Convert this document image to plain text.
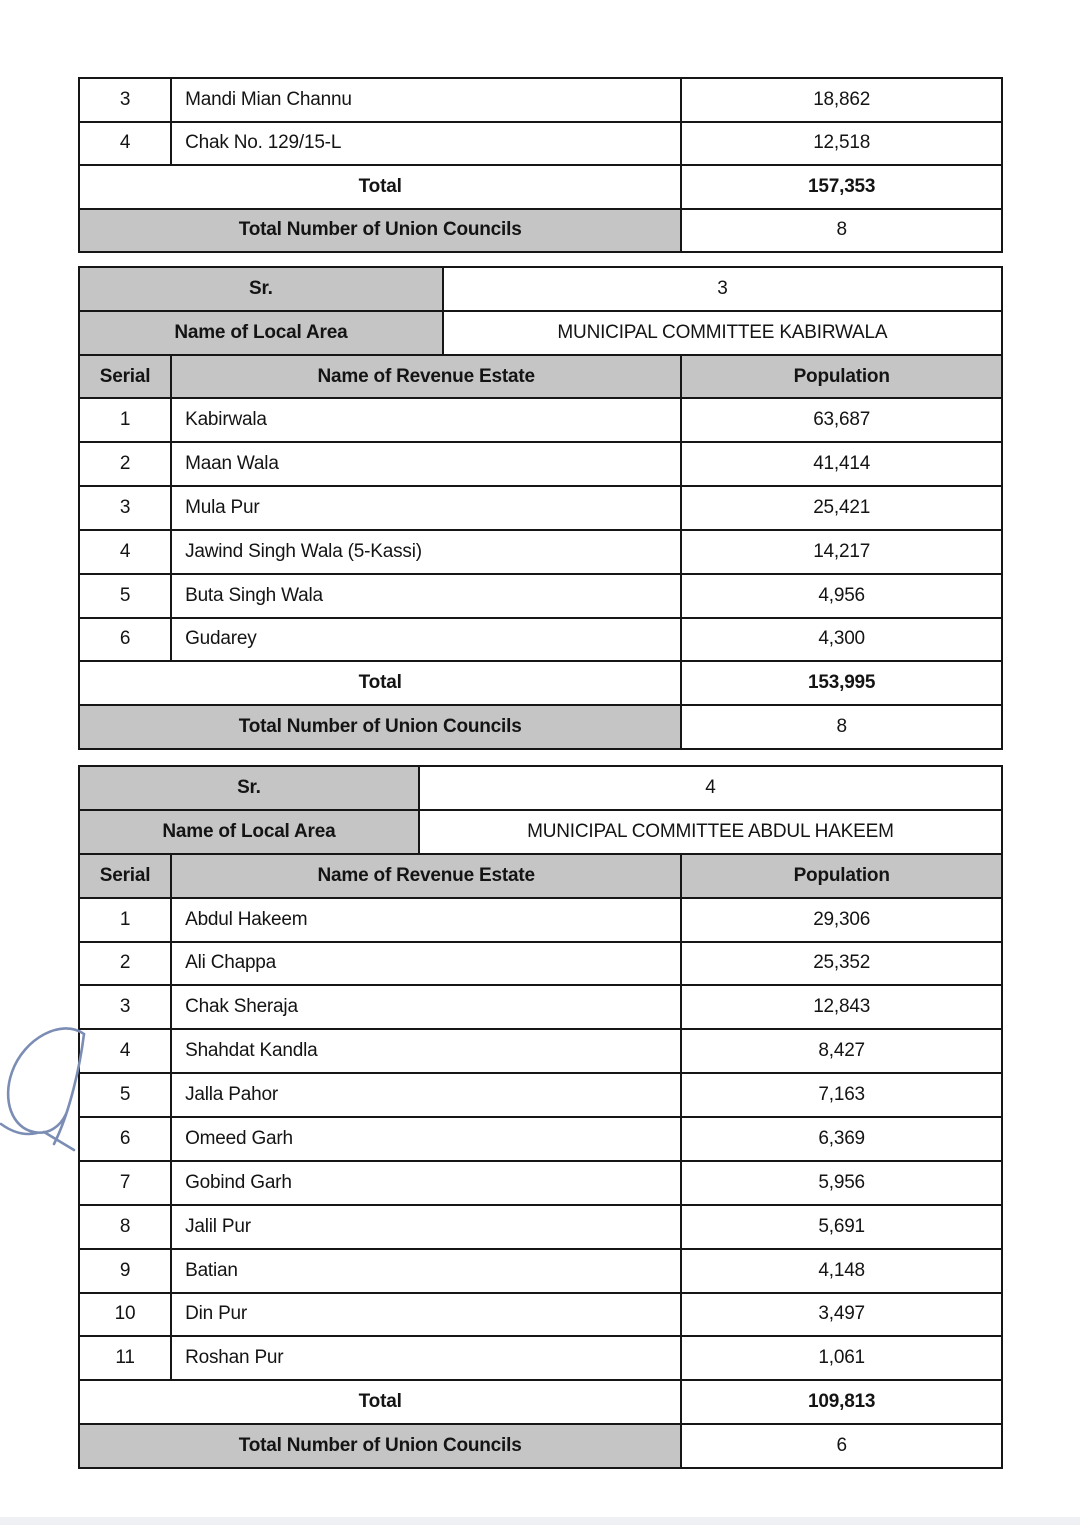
3	Mandi Mian Channu	18,862
4	Chak No. 129/15-L	12,518
Total	157,353
Total Number of Union Councils	8
Sr.	3
Name of Local Area	MUNICIPAL COMMITTEE KABIRWALA
Serial	Name of Revenue Estate	Population
1	Kabirwala	63,687
2	Maan Wala	41,414
3	Mula Pur	25,421
4	Jawind Singh Wala (5-Kassi)	14,217
5	Buta Singh Wala	4,956
6	Gudarey	4,300
Total	153,995
Total Number of Union Councils	8
Sr.	4
Name of Local Area	MUNICIPAL COMMITTEE ABDUL HAKEEM
Serial	Name of Revenue Estate	Population
1	Abdul Hakeem	29,306
2	Ali Chappa	25,352
3	Chak Sheraja	12,843
4	Shahdat Kandla	8,427
5	Jalla Pahor	7,163
6	Omeed Garh	6,369
7	Gobind Garh	5,956
8	Jalil Pur	5,691
9	Batian	4,148
10	Din Pur	3,497
11	Roshan Pur	1,061
Total	109,813
Total Number of Union Councils	6
